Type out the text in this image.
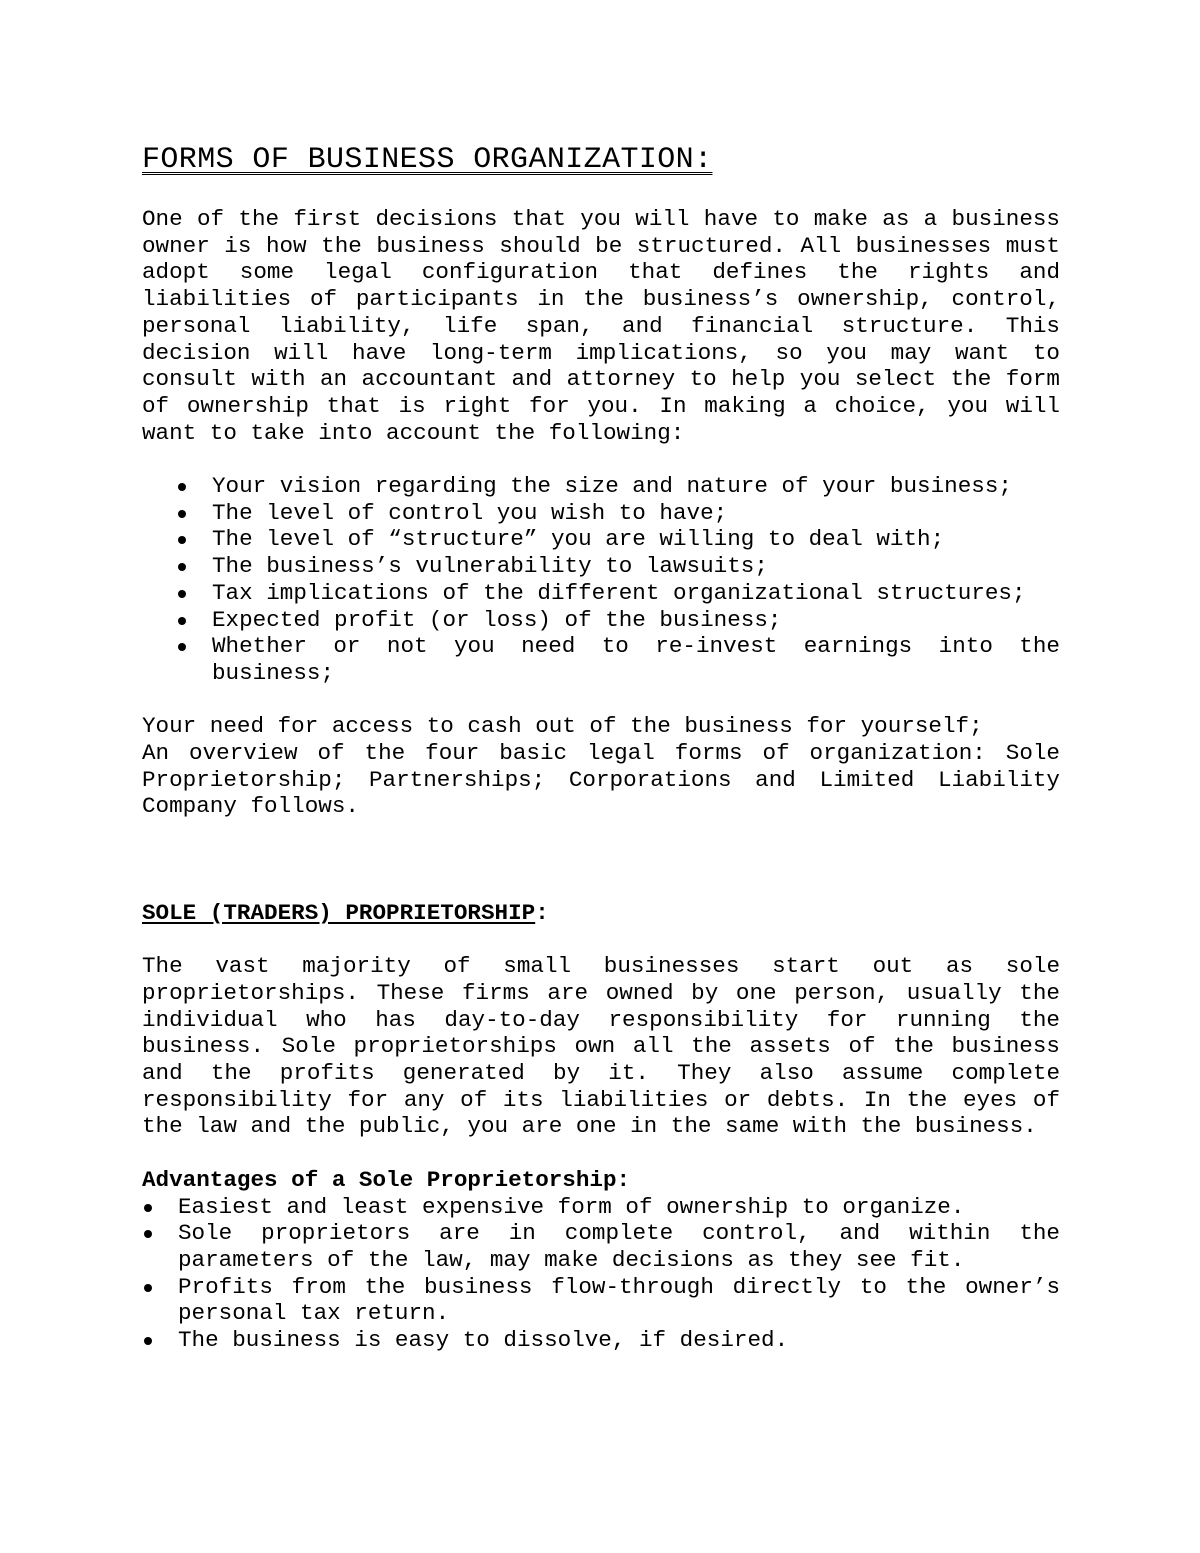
FORMS OF BUSINESS ORGANIZATION:

One of the first decisions that you will have to make as a business owner is how the business should be structured. All businesses must adopt some legal configuration that defines the rights and liabilities of participants in the business’s ownership, control, personal liability, life span, and financial structure. This decision will have long-term implications, so you may want to consult with an accountant and attorney to help you select the form of ownership that is right for you. In making a choice, you will want to take into account the following:

Your vision regarding the size and nature of your business;
The level of control you wish to have;
The level of “structure” you are willing to deal with;
The business’s vulnerability to lawsuits;
Tax implications of the different organizational structures;
Expected profit (or loss) of the business;
Whether or not you need to re-invest earnings into the business;

Your need for access to cash out of the business for yourself;

An overview of the four basic legal forms of organization: Sole Proprietorship; Partnerships; Corporations and Limited Liability Company follows.

SOLE (TRADERS) PROPRIETORSHIP:

The vast majority of small businesses start out as sole proprietorships. These firms are owned by one person, usually the individual who has day-to-day responsibility for running the business. Sole proprietorships own all the assets of the business and the profits generated by it. They also assume complete responsibility for any of its liabilities or debts. In the eyes of the law and the public, you are one in the same with the business.

Advantages of a Sole Proprietorship:

Easiest and least expensive form of ownership to organize.
Sole proprietors are in complete control, and within the parameters of the law, may make decisions as they see fit.
Profits from the business flow-through directly to the owner’s personal tax return.
The business is easy to dissolve, if desired.
